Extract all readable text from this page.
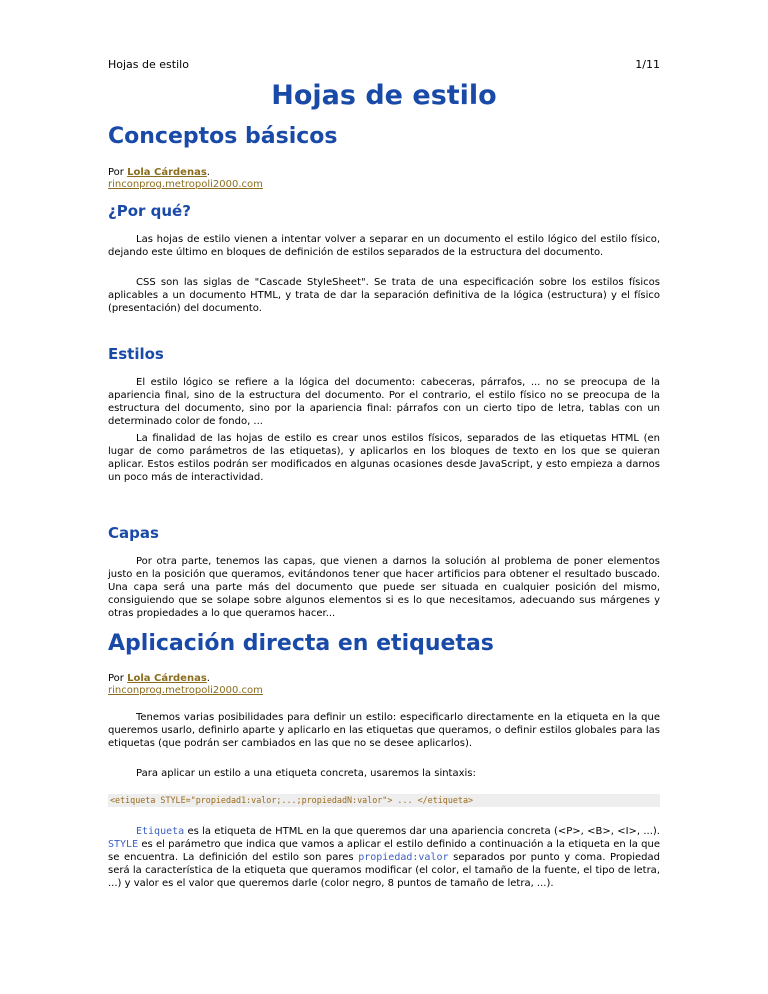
Hojas de estilo	1/11
Hojas de estilo
Conceptos básicos
Por Lola Cárdenas.
rinconprog.metropoli2000.com
¿Por qué?

Las hojas de estilo vienen a intentar volver a separar en un documento el estilo lógico del estilo físico, dejando este último en bloques de definición de estilos separados de la estructura del documento.

CSS son las siglas de "Cascade StyleSheet". Se trata de una especificación sobre los estilos físicos aplicables a un documento HTML, y trata de dar la separación definitiva de la lógica (estructura) y el físico (presentación) del documento.

Estilos

El estilo lógico se refiere a la lógica del documento: cabeceras, párrafos, ... no se preocupa de la apariencia final, sino de la estructura del documento. Por el contrario, el estilo físico no se preocupa de la estructura del documento, sino por la apariencia final: párrafos con un cierto tipo de letra, tablas con un determinado color de fondo, ...

La finalidad de las hojas de estilo es crear unos estilos físicos, separados de las etiquetas HTML (en lugar de como parámetros de las etiquetas), y aplicarlos en los bloques de texto en los que se quieran aplicar. Estos estilos podrán ser modificados en algunas ocasiones desde JavaScript, y esto empieza a darnos un poco más de interactividad.

Capas

Por otra parte, tenemos las capas, que vienen a darnos la solución al problema de poner elementos justo en la posición que queramos, evitándonos tener que hacer artificios para obtener el resultado buscado. Una capa será una parte más del documento que puede ser situada en cualquier posición del mismo, consiguiendo que se solape sobre algunos elementos si es lo que necesitamos, adecuando sus márgenes y otras propiedades a lo que queramos hacer...

Aplicación directa en etiquetas
Por Lola Cárdenas.
rinconprog.metropoli2000.com

Tenemos varias posibilidades para definir un estilo: especificarlo directamente en la etiqueta en la que queremos usarlo, definirlo aparte y aplicarlo en las etiquetas que queramos, o definir estilos globales para las etiquetas (que podrán ser cambiados en las que no se desee aplicarlos).

Para aplicar un estilo a una etiqueta concreta, usaremos la sintaxis:

<etiqueta STYLE="propiedad1:valor;...;propiedadN:valor"> ... </etiqueta>

Etiqueta es la etiqueta de HTML en la que queremos dar una apariencia concreta (<P>, <B>, <I>, ...). STYLE es el parámetro que indica que vamos a aplicar el estilo definido a continuación a la etiqueta en la que se encuentra. La definición del estilo son pares propiedad:valor separados por punto y coma. Propiedad será la característica de la etiqueta que queramos modificar (el color, el tamaño de la fuente, el tipo de letra, ...) y valor es el valor que queremos darle (color negro, 8 puntos de tamaño de letra, ...).
